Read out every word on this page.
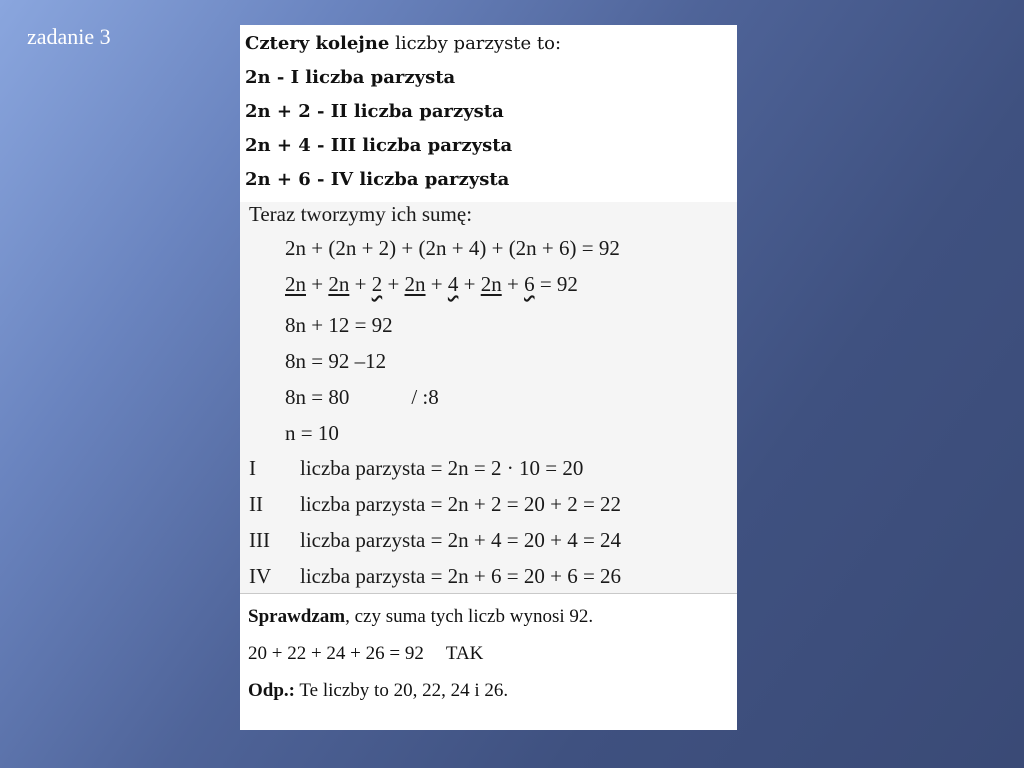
zadanie 3	Cztery kolejne liczby parzyste to:
2n - I liczba parzysta
2n + 2 - II liczba parzysta
2n + 4 - III liczba parzysta
2n + 6 - IV liczba parzysta
Teraz tworzymy ich sumę:
2n + (2n + 2) + (2n + 4) + (2n + 6) = 92
2n + 2n + 2 + 2n + 4 + 2n + 6 = 92
8n + 12 = 92
8n = 92 –12
8n = 80	/ :8
n = 10
I	liczba parzysta = 2n = 2 · 10 = 20
II	liczba parzysta = 2n + 2 = 20 + 2 = 22
III	liczba parzysta = 2n + 4 = 20 + 4 = 24
IV	liczba parzysta = 2n + 6 = 20 + 6 = 26
Sprawdzam, czy suma tych liczb wynosi 92.
20 + 22 + 24 + 26 = 92 TAK
Odp.: Te liczby to 20, 22, 24 i 26.
